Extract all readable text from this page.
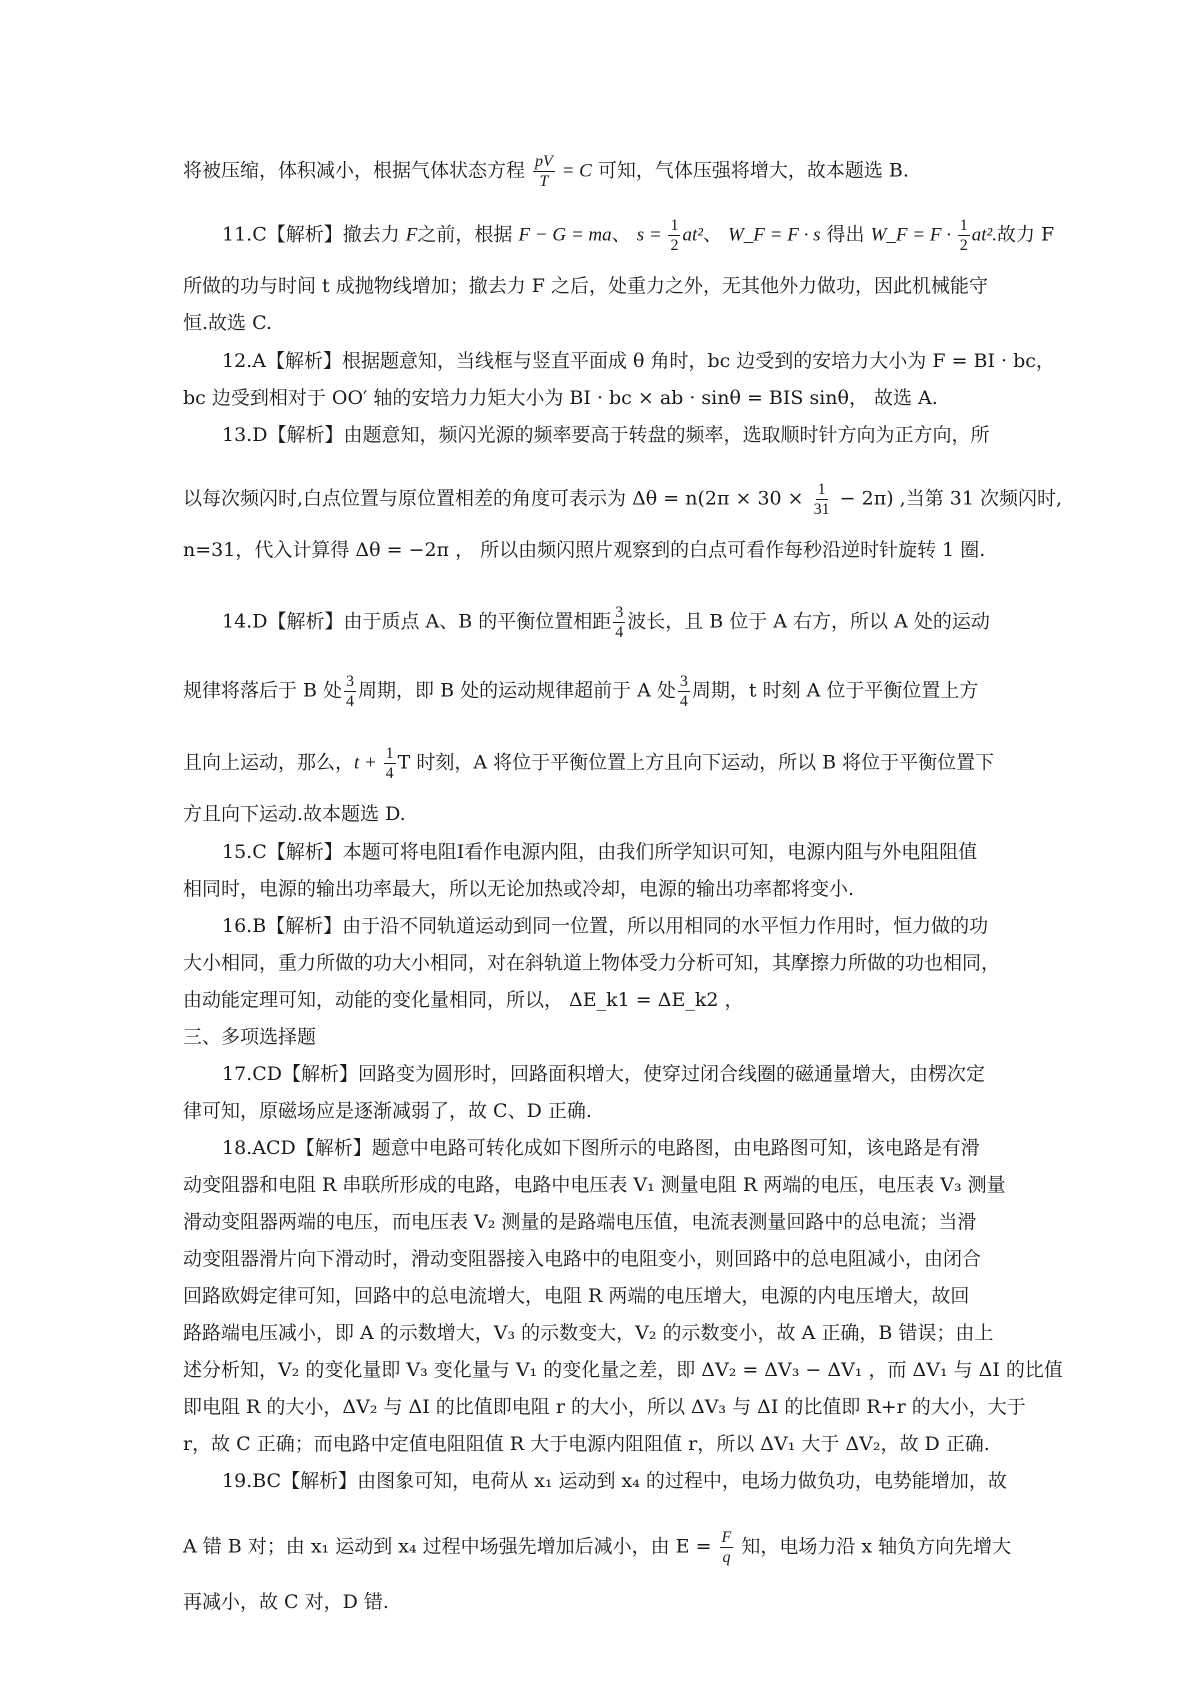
将被压缩，体积减小，根据气体状态方程 $\frac{pV}{T} = C$ 可知，气体压强将增大，故本题选 B.
11.C【解析】撤去力 F之前，根据 F − G = ma、 $s = \frac{1}{2} at^2$、 W_F = F · s 得出 W_F = $F \cdot \frac{1}{2} at^2$.故力 F
所做的功与时间 t 成抛物线增加；撤去力 F 之后，处重力之外，无其他外力做功，因此机械能守
恒.故选 C.
12.A【解析】根据题意知，当线框与竖直平面成 θ 角时，bc 边受到的安培力大小为 F = BI · bc，
bc 边受到相对于 OO′ 轴的安培力力矩大小为 BI · bc × ab · sinθ = BIS sinθ， 故选 A.
13.D【解析】由题意知，频闪光源的频率要高于转盘的频率，选取顺时针方向为正方向，所
以每次频闪时,白点位置与原位置相差的角度可表示为 $\Delta\theta = n(2\pi \times 30 \times \frac{1}{31} - 2\pi)$ ,当第 31 次频闪时,
n=31，代入计算得 Δθ = −2π ， 所以由频闪照片观察到的白点可看作每秒沿逆时针旋转 1 圈.
14.D【解析】由于质点 A、B 的平衡位置相距 $\frac{3}{4}$ 波长，且 B 位于 A 右方，所以 A 处的运动
规律将落后于 B 处 $\frac{3}{4}$ 周期，即 B 处的运动规律超前于 A 处 $\frac{3}{4}$ 周期，t 时刻 A 位于平衡位置上方
且向上运动，那么，$t + \frac{1}{4}$ T 时刻，A 将位于平衡位置上方且向下运动，所以 B 将位于平衡位置下
方且向下运动.故本题选 D.
15.C【解析】本题可将电阻Ⅰ看作电源内阻，由我们所学知识可知，电源内阻与外电阻阻值
相同时，电源的输出功率最大，所以无论加热或冷却，电源的输出功率都将变小.
16.B【解析】由于沿不同轨道运动到同一位置，所以用相同的水平恒力作用时，恒力做的功
大小相同，重力所做的功大小相同，对在斜轨道上物体受力分析可知，其摩擦力所做的功也相同，
由动能定理可知，动能的变化量相同，所以， ΔE_k1 = ΔE_k2 ，
三、多项选择题
17.CD【解析】回路变为圆形时，回路面积增大，使穿过闭合线圈的磁通量增大，由楞次定
律可知，原磁场应是逐渐减弱了，故 C、D 正确.
18.ACD【解析】题意中电路可转化成如下图所示的电路图，由电路图可知，该电路是有滑
动变阻器和电阻 R 串联所形成的电路，电路中电压表 V₁ 测量电阻 R 两端的电压，电压表 V₃ 测量
滑动变阻器两端的电压，而电压表 V₂ 测量的是路端电压值，电流表测量回路中的总电流；当滑
动变阻器滑片向下滑动时，滑动变阻器接入电路中的电阻变小，则回路中的总电阻减小，由闭合
回路欧姆定律可知，回路中的总电流增大，电阻 R 两端的电压增大，电源的内电压增大，故回
路路端电压减小，即 A 的示数增大，V₃ 的示数变大，V₂ 的示数变小，故 A 正确，B 错误；由上
述分析知，V₂ 的变化量即 V₃ 变化量与 V₁ 的变化量之差，即 ΔV₂ = ΔV₃ − ΔV₁ ，而 ΔV₁ 与 ΔI 的比值
即电阻 R 的大小，ΔV₂ 与 ΔI 的比值即电阻 r 的大小，所以 ΔV₃ 与 ΔI 的比值即 R+r 的大小，大于
r，故 C 正确；而电路中定值电阻阻值 R 大于电源内阻阻值 r，所以 ΔV₁ 大于 ΔV₂，故 D 正确.
19.BC【解析】由图象可知，电荷从 x₁ 运动到 x₄ 的过程中，电场力做负功，电势能增加，故
A 错 B 对；由 x₁ 运动到 x₄ 过程中场强先增加后减小，由 $E = \frac{F}{q}$ 知，电场力沿 x 轴负方向先增大
再减小，故 C 对，D 错.
